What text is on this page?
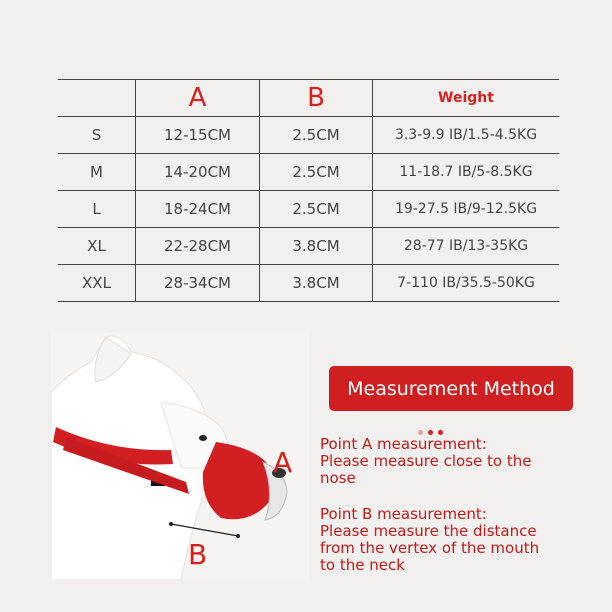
	A	B	Weight
S	12-15CM	2.5CM	3.3-9.9 IB/1.5-4.5KG
M	14-20CM	2.5CM	11-18.7 IB/5-8.5KG
L	18-24CM	2.5CM	19-27.5 IB/9-12.5KG
XL	22-28CM	3.8CM	28-77 IB/13-35KG
XXL	28-34CM	3.8CM	7-110 IB/35.5-50KG
A
B
Measurement Method
Point A measurement:
Please measure close to the
nose
Point B measurement:
Please measure the distance
from the vertex of the mouth
to the neck
